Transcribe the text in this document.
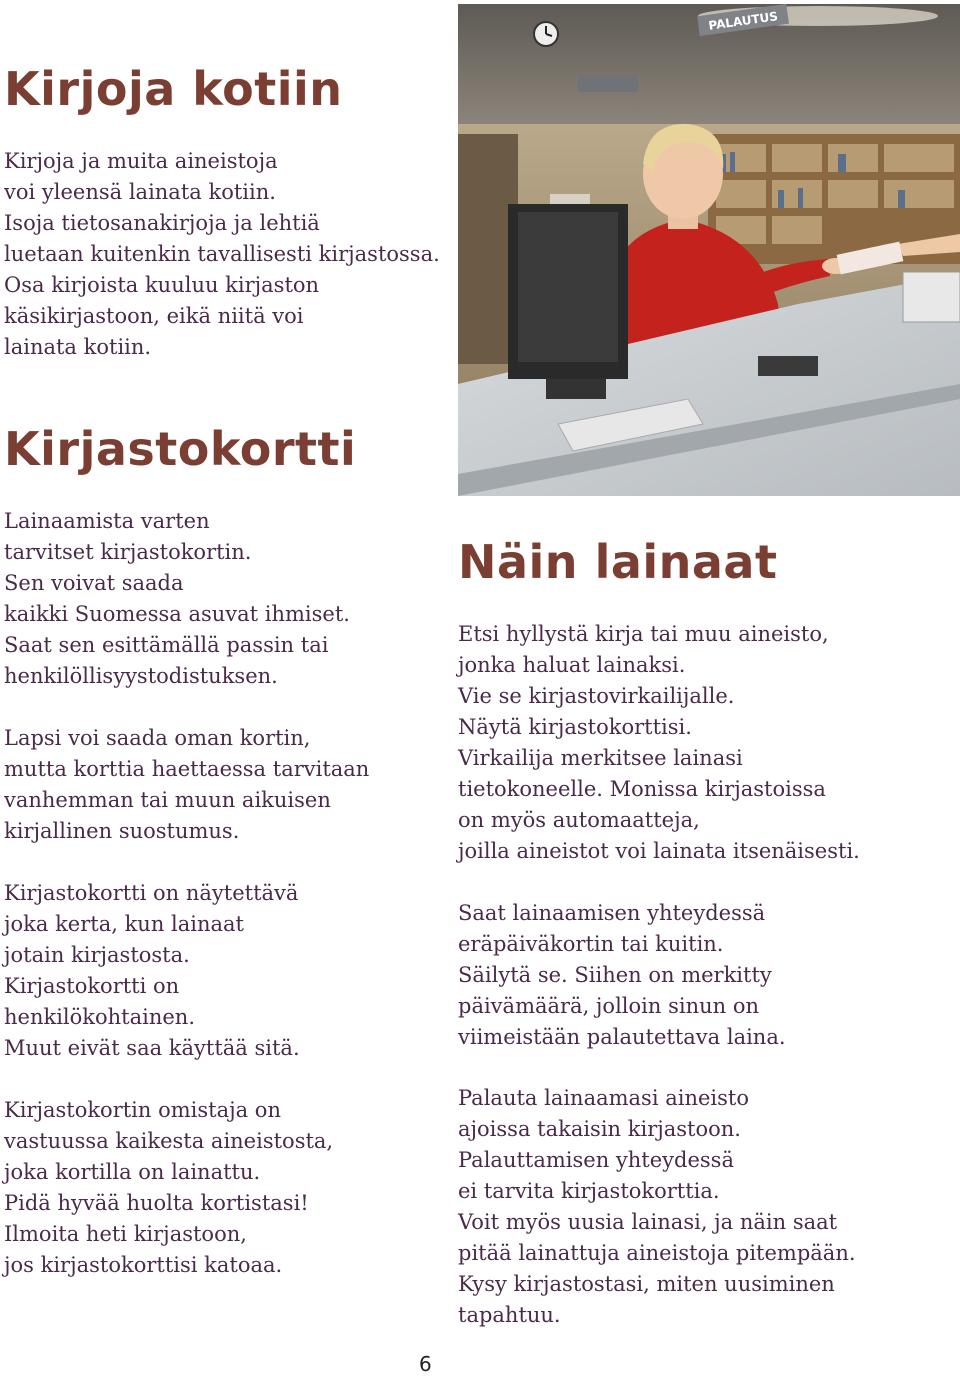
Kirjoja kotiin
Kirjoja ja muita aineistoja
voi yleensä lainata kotiin.
Isoja tietosanakirjoja ja lehtiä
luetaan kuitenkin tavallisesti kirjastossa.
Osa kirjoista kuuluu kirjaston
käsikirjastoon, eikä niitä voi
lainata kotiin.
Kirjastokortti
Lainaamista varten
tarvitset kirjastokortin.
Sen voivat saada
kaikki Suomessa asuvat ihmiset.
Saat sen esittämällä passin tai
henkilöllisyystodistuksen.
Lapsi voi saada oman kortin,
mutta korttia haettaessa tarvitaan
vanhemman tai muun aikuisen
kirjallinen suostumus.
Kirjastokortti on näytettävä
joka kerta, kun lainaat
jotain kirjastosta.
Kirjastokortti on
henkilökohtainen.
Muut eivät saa käyttää sitä.
Kirjastokortin omistaja on
vastuussa kaikesta aineistosta,
joka kortilla on lainattu.
Pidä hyvää huolta kortistasi!
Ilmoita heti kirjastoon,
jos kirjastokorttisi katoaa.
PALAUTUS
Näin lainaat
Etsi hyllystä kirja tai muu aineisto,
jonka haluat lainaksi.
Vie se kirjastovirkailijalle.
Näytä kirjastokorttisi.
Virkailija merkitsee lainasi
tietokoneelle. Monissa kirjastoissa
on myös automaatteja,
joilla aineistot voi lainata itsenäisesti.
Saat lainaamisen yhteydessä
eräpäiväkortin tai kuitin.
Säilytä se. Siihen on merkitty
päivämäärä, jolloin sinun on
viimeistään palautettava laina.
Palauta lainaamasi aineisto
ajoissa takaisin kirjastoon.
Palauttamisen yhteydessä
ei tarvita kirjastokorttia.
Voit myös uusia lainasi, ja näin saat
pitää lainattuja aineistoja pitempään.
Kysy kirjastostasi, miten uusiminen
tapahtuu.
6
